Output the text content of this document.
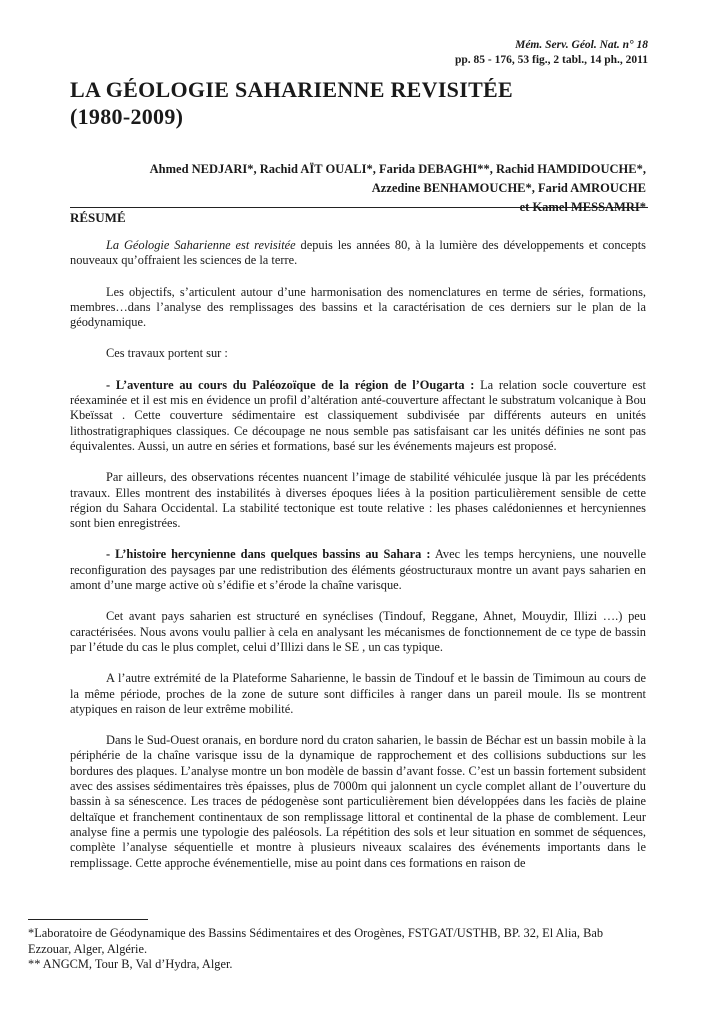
Mém. Serv. Géol. Nat. n° 18
pp. 85 - 176, 53 fig., 2 tabl., 14 ph., 2011
LA GÉOLOGIE SAHARIENNE REVISITÉE
(1980-2009)
Ahmed NEDJARI*, Rachid AÏT OUALI*, Farida DEBAGHI**, Rachid HAMDIDOUCHE*,
Azzedine BENHAMOUCHE*, Farid AMROUCHE
et Kamel MESSAMRI*
RÉSUMÉ

La Géologie Saharienne est revisitée depuis les années 80, à la lumière des développements et concepts nouveaux qu’offraient les sciences de la terre.

Les objectifs, s’articulent autour d’une harmonisation des nomenclatures en terme de séries, formations, membres…dans l’analyse des remplissages des bassins et la caractérisation de ces derniers sur le plan de la géodynamique.

Ces travaux portent sur :

- L’aventure au cours du Paléozoïque de la région de l’Ougarta : La relation socle couverture est réexaminée et il est mis en évidence un profil d’altération anté-couverture affectant le substratum volcanique à Bou Kbeïssat . Cette couverture sédimentaire est classiquement subdivisée par différents auteurs en unités lithostratigraphiques classiques. Ce découpage ne nous semble pas satisfaisant car les unités définies ne sont pas équivalentes. Aussi, un autre en séries et formations, basé sur les événements majeurs est proposé.

Par ailleurs, des observations récentes nuancent l’image de stabilité véhiculée jusque là par les précédents travaux. Elles montrent des instabilités à diverses époques liées à la position particulièrement sensible de cette région du Sahara Occidental. La stabilité tectonique est toute relative : les phases calédoniennes et hercyniennes sont bien enregistrées.

- L’histoire hercynienne dans quelques bassins au Sahara : Avec les temps hercyniens, une nouvelle reconfiguration des paysages par une redistribution des éléments géostructuraux montre un avant pays saharien en amont d’une marge active où s’édifie et s’érode la chaîne varisque.

Cet avant pays saharien est structuré en synéclises (Tindouf, Reggane, Ahnet, Mouydir, Illizi ….) peu caractérisées. Nous avons voulu pallier à cela en analysant les mécanismes de fonctionnement de ce type de bassin par l’étude du cas le plus complet, celui d’Illizi dans le SE , un cas typique.

A l’autre extrémité de la Plateforme Saharienne, le bassin de Tindouf et le bassin de Timimoun au cours de la même période, proches de la zone de suture sont difficiles à ranger dans un pareil moule. Ils se montrent atypiques en raison de leur extrême mobilité.

Dans le Sud-Ouest oranais, en bordure nord du craton saharien, le bassin de Béchar est un bassin mobile à la périphérie de la chaîne varisque issu de la dynamique de rapprochement et des collisions subductions sur les bordures des plaques. L’analyse montre un bon modèle de bassin d’avant fosse. C’est un bassin fortement subsident avec des assises sédimentaires très épaisses, plus de 7000m qui jalonnent un cycle complet allant de l’ouverture du bassin à sa sénescence. Les traces de pédogenèse sont particulièrement bien développées dans les faciès de plaine deltaïque et franchement continentaux de son remplissage littoral et continental de la phase de comblement. Leur analyse fine a permis une typologie des paléosols. La répétition des sols et leur situation en sommet de séquences, complète l’analyse séquentielle et montre à plusieurs niveaux scalaires des événements importants dans le remplissage. Cette approche événementielle, mise au point dans ces formations en raison de

*Laboratoire de Géodynamique des Bassins Sédimentaires et des Orogènes, FSTGAT/USTHB, BP. 32, El Alia, Bab Ezzouar, Alger, Algérie.
** ANGCM, Tour B, Val d’Hydra, Alger.
